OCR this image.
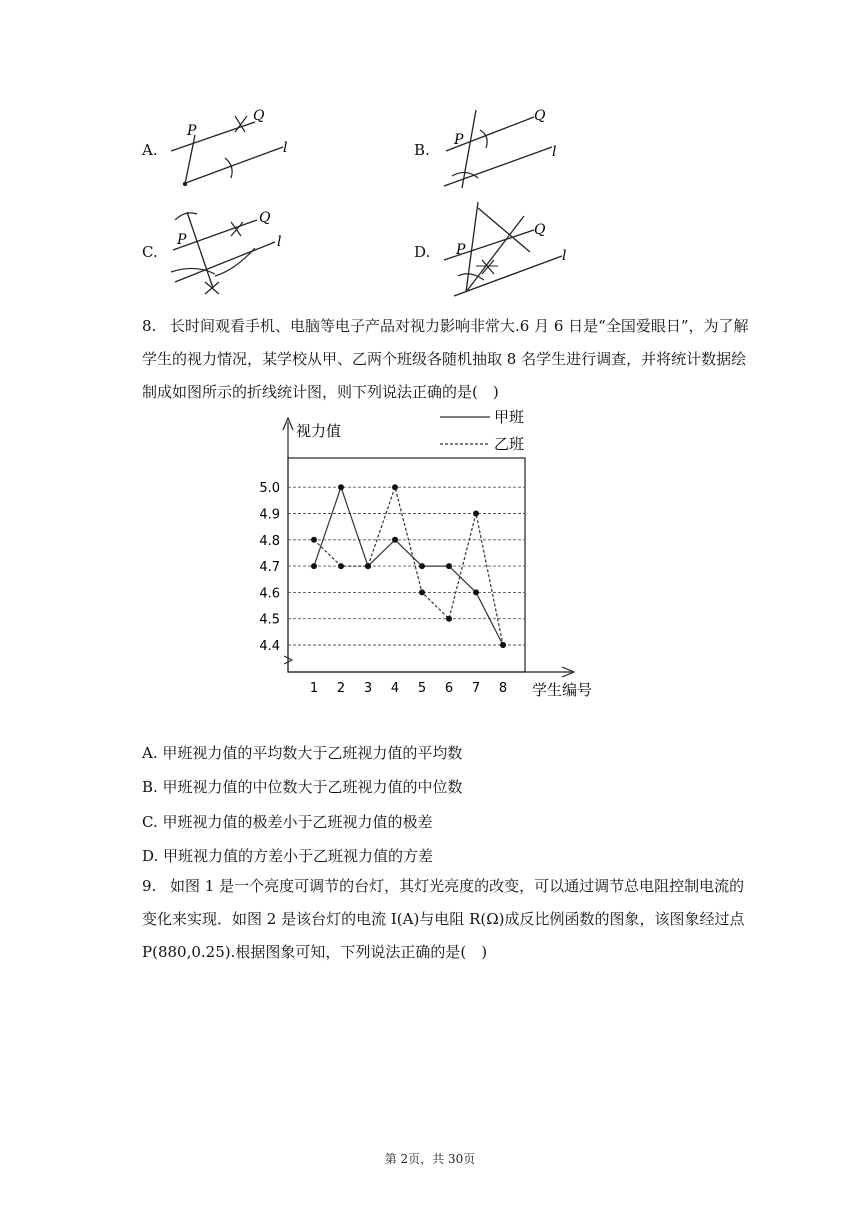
A.
P
Q
l	B.
P
Q
l
C.
P
Q
l
D. P
Q
l
8. 长时间观看手机、电脑等电子产品对视力影响非常大.6 月 6 日是“全国爱眼日”，为了解学生的视力情况，某学校从甲、乙两个班级各随机抽取 8 名学生进行调查，并将统计数据绘制成如图所示的折线统计图，则下列说法正确的是(　)
4.4
4.5
4.6
4.7
4.8
4.9
5.0
1 2 3 4 5 6 7 8
视力值
学生编号
甲班
乙班
A. 甲班视力值的平均数大于乙班视力值的平均数
B. 甲班视力值的中位数大于乙班视力值的中位数
C. 甲班视力值的极差小于乙班视力值的极差
D. 甲班视力值的方差小于乙班视力值的方差
9. 如图 1 是一个亮度可调节的台灯，其灯光亮度的改变，可以通过调节总电阻控制电流的
变化来实现．如图 2 是该台灯的电流 I(A)与电阻 R(Ω)成反比例函数的图象，该图象经过点
P(880,0.25).根据图象可知，下列说法正确的是(　)
第 2页，共 30页
